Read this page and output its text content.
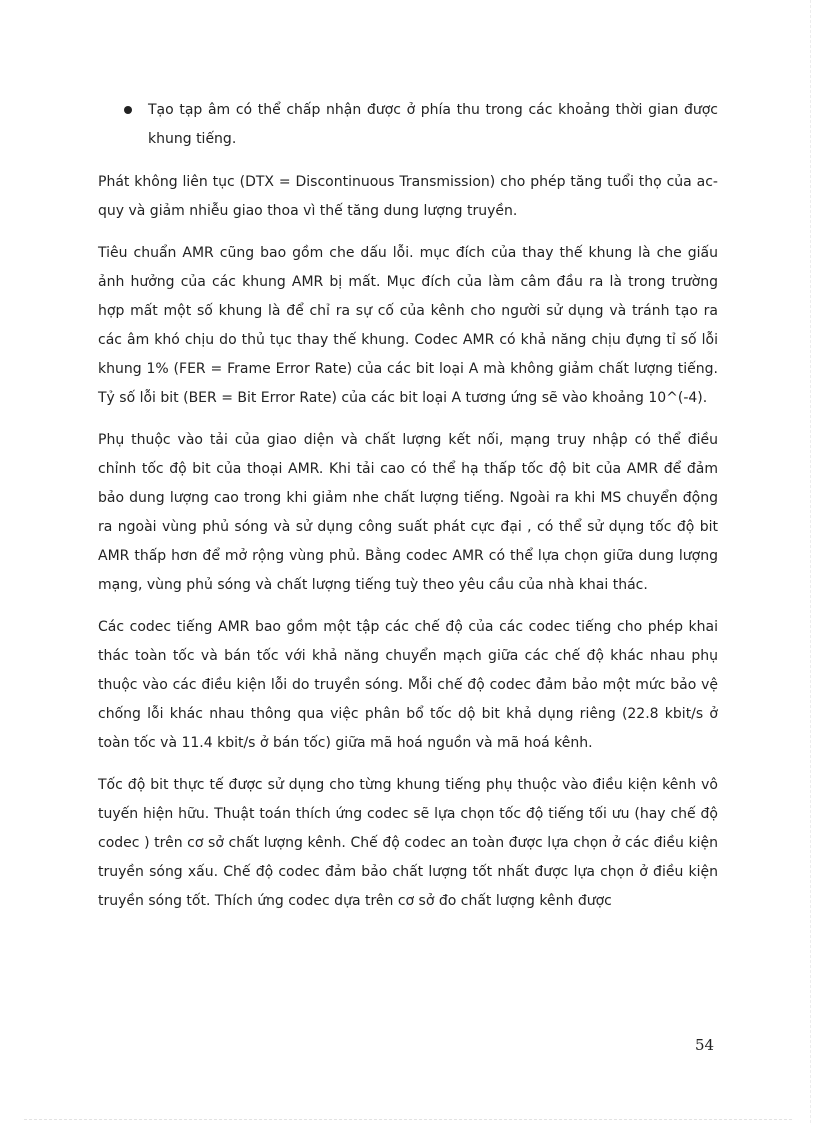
Tạo tạp âm có thể chấp nhận được ở phía thu trong các khoảng thời gian được khung tiếng.

Phát không liên tục (DTX = Discontinuous Transmission) cho phép tăng tuổi thọ của ac-quy và giảm nhiễu giao thoa vì thế tăng dung lượng truyền.

Tiêu chuẩn AMR cũng bao gồm che dấu lỗi. mục đích của thay thế khung là che giấu ảnh hưởng của các khung AMR bị mất. Mục đích của làm câm đầu ra là trong trường hợp mất một số khung là để chỉ ra sự cố của kênh cho người sử dụng và tránh tạo ra các âm khó chịu do thủ tục thay thế khung. Codec AMR có khả năng chịu đựng tỉ số lỗi khung 1% (FER = Frame Error Rate) của các bit loại A mà không giảm chất lượng tiếng. Tỷ số lỗi bit (BER = Bit Error Rate) của các bit loại A tương ứng sẽ vào khoảng 10^(-4).

Phụ thuộc vào tải của giao diện và chất lượng kết nối, mạng truy nhập có thể điều chỉnh tốc độ bit của thoại AMR. Khi tải cao có thể hạ thấp tốc độ bit của AMR để đảm bảo dung lượng cao trong khi giảm nhe chất lượng tiếng. Ngoài ra khi MS chuyển động ra ngoài vùng phủ sóng và sử dụng công suất phát cực đại , có thể sử dụng tốc độ bit AMR thấp hơn để mở rộng vùng phủ. Bằng codec AMR có thể lựa chọn giữa dung lượng mạng, vùng phủ sóng và chất lượng tiếng tuỳ theo yêu cầu của nhà khai thác.

Các codec tiếng AMR bao gồm một tập các chế độ của các codec tiếng cho phép khai thác toàn tốc và bán tốc với khả năng chuyển mạch giữa các chế độ khác nhau phụ thuộc vào các điều kiện lỗi do truyền sóng. Mỗi chế độ codec đảm bảo một mức bảo vệ chống lỗi khác nhau thông qua việc phân bổ tốc dộ bit khả dụng riêng (22.8 kbit/s ở toàn tốc và 11.4 kbit/s ở bán tốc) giữa mã hoá nguồn và mã hoá kênh.

Tốc độ bit thực tế được sử dụng cho từng khung tiếng phụ thuộc vào điều kiện kênh vô tuyến hiện hữu. Thuật toán thích ứng codec sẽ lựa chọn tốc độ tiếng tối ưu (hay chế độ codec ) trên cơ sở chất lượng kênh. Chế độ codec an toàn được lựa chọn ở các điều kiện truyền sóng xấu. Chế độ codec đảm bảo chất lượng tốt nhất được lựa chọn ở điều kiện truyền sóng tốt. Thích ứng codec dựa trên cơ sở đo chất lượng kênh được

54
